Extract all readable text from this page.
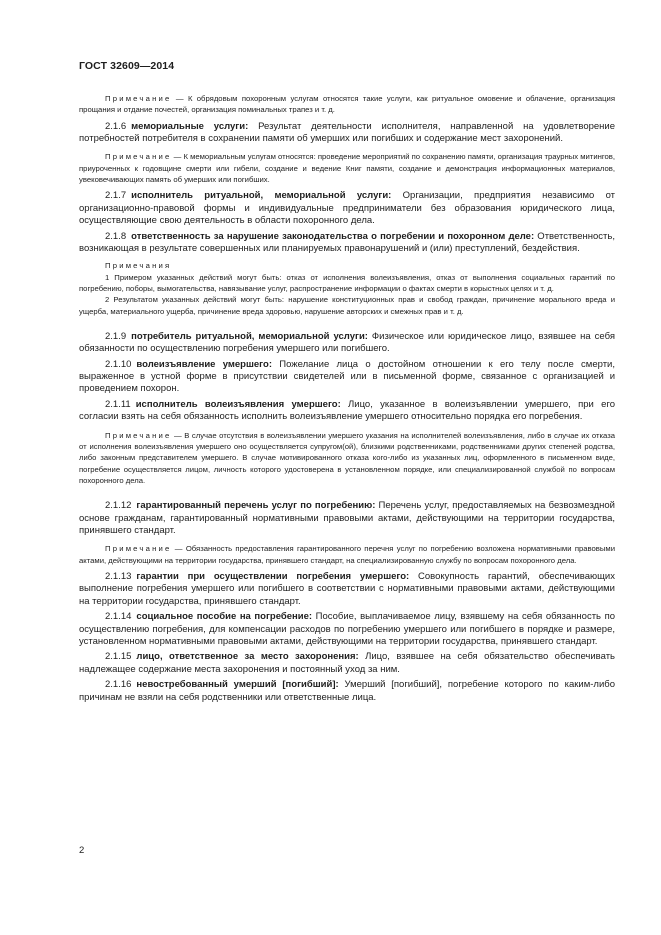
ГОСТ 32609—2014

Примечание — К обрядовым похоронным услугам относятся такие услуги, как ритуальное омовение и облачение, организация прощания и отдание почестей, организация поминальных трапез и т. д.

2.1.6 мемориальные услуги: Результат деятельности исполнителя, направленной на удовлетворение потребностей потребителя в сохранении памяти об умерших или погибших и содержание мест захоронений.

Примечание — К мемориальным услугам относятся: проведение мероприятий по сохранению памяти, организация траурных митингов, приуроченных к годовщине смерти или гибели, создание и ведение Книг памяти, создание и демонстрация информационных материалов, увековечивающих память об умерших или погибших.

2.1.7 исполнитель ритуальной, мемориальной услуги: Организации, предприятия независимо от организационно-правовой формы и индивидуальные предприниматели без образования юридического лица, осуществляющие свою деятельность в области похоронного дела.

2.1.8 ответственность за нарушение законодательства о погребении и похоронном деле: Ответственность, возникающая в результате совершенных или планируемых правонарушений и (или) преступлений, бездействия.

Примечания

1 Примером указанных действий могут быть: отказ от исполнения волеизъявления, отказ от выполнения социальных гарантий по погребению, поборы, вымогательства, навязывание услуг, распространение информации о фактах смерти в корыстных целях и т. д.

2 Результатом указанных действий могут быть: нарушение конституционных прав и свобод граждан, причинение морального вреда и ущерба, материального ущерба, причинение вреда здоровью, нарушение авторских и смежных прав и т. д.

2.1.9 потребитель ритуальной, мемориальной услуги: Физическое или юридическое лицо, взявшее на себя обязанности по осуществлению погребения умершего или погибшего.

2.1.10 волеизъявление умершего: Пожелание лица о достойном отношении к его телу после смерти, выраженное в устной форме в присутствии свидетелей или в письменной форме, связанное с организацией и проведением похорон.

2.1.11 исполнитель волеизъявления умершего: Лицо, указанное в волеизъявлении умершего, при его согласии взять на себя обязанность исполнить волеизъявление умершего относительно порядка его погребения.

Примечание — В случае отсутствия в волеизъявлении умершего указания на исполнителей волеизъявления, либо в случае их отказа от исполнения волеизъявления умершего оно осуществляется супругом(ой), близкими родственниками, родственниками других степеней родства, либо законным представителем умершего. В случае мотивированного отказа кого-либо из указанных лиц, оформленного в письменном виде, погребение осуществляется лицом, личность которого удостоверена в установленном порядке, или специализированной службой по вопросам похоронного дела.

2.1.12 гарантированный перечень услуг по погребению: Перечень услуг, предоставляемых на безвозмездной основе гражданам, гарантированный нормативными правовыми актами, действующими на территории государства, принявшего стандарт.

Примечание — Обязанность предоставления гарантированного перечня услуг по погребению возложена нормативными правовыми актами, действующими на территории государства, принявшего стандарт, на специализированную службу по вопросам похоронного дела.

2.1.13 гарантии при осуществлении погребения умершего: Совокупность гарантий, обеспечивающих выполнение погребения умершего или погибшего в соответствии с нормативными правовыми актами, действующими на территории государства, принявшего стандарт.

2.1.14 социальное пособие на погребение: Пособие, выплачиваемое лицу, взявшему на себя обязанность по осуществлению погребения, для компенсации расходов по погребению умершего или погибшего в порядке и размере, установленном нормативными правовыми актами, действующими на территории государства, принявшего стандарт.

2.1.15 лицо, ответственное за место захоронения: Лицо, взявшее на себя обязательство обеспечивать надлежащее содержание места захоронения и постоянный уход за ним.

2.1.16 невостребованный умерший [погибший]: Умерший [погибший], погребение которого по каким-либо причинам не взяли на себя родственники или ответственные лица.

2
